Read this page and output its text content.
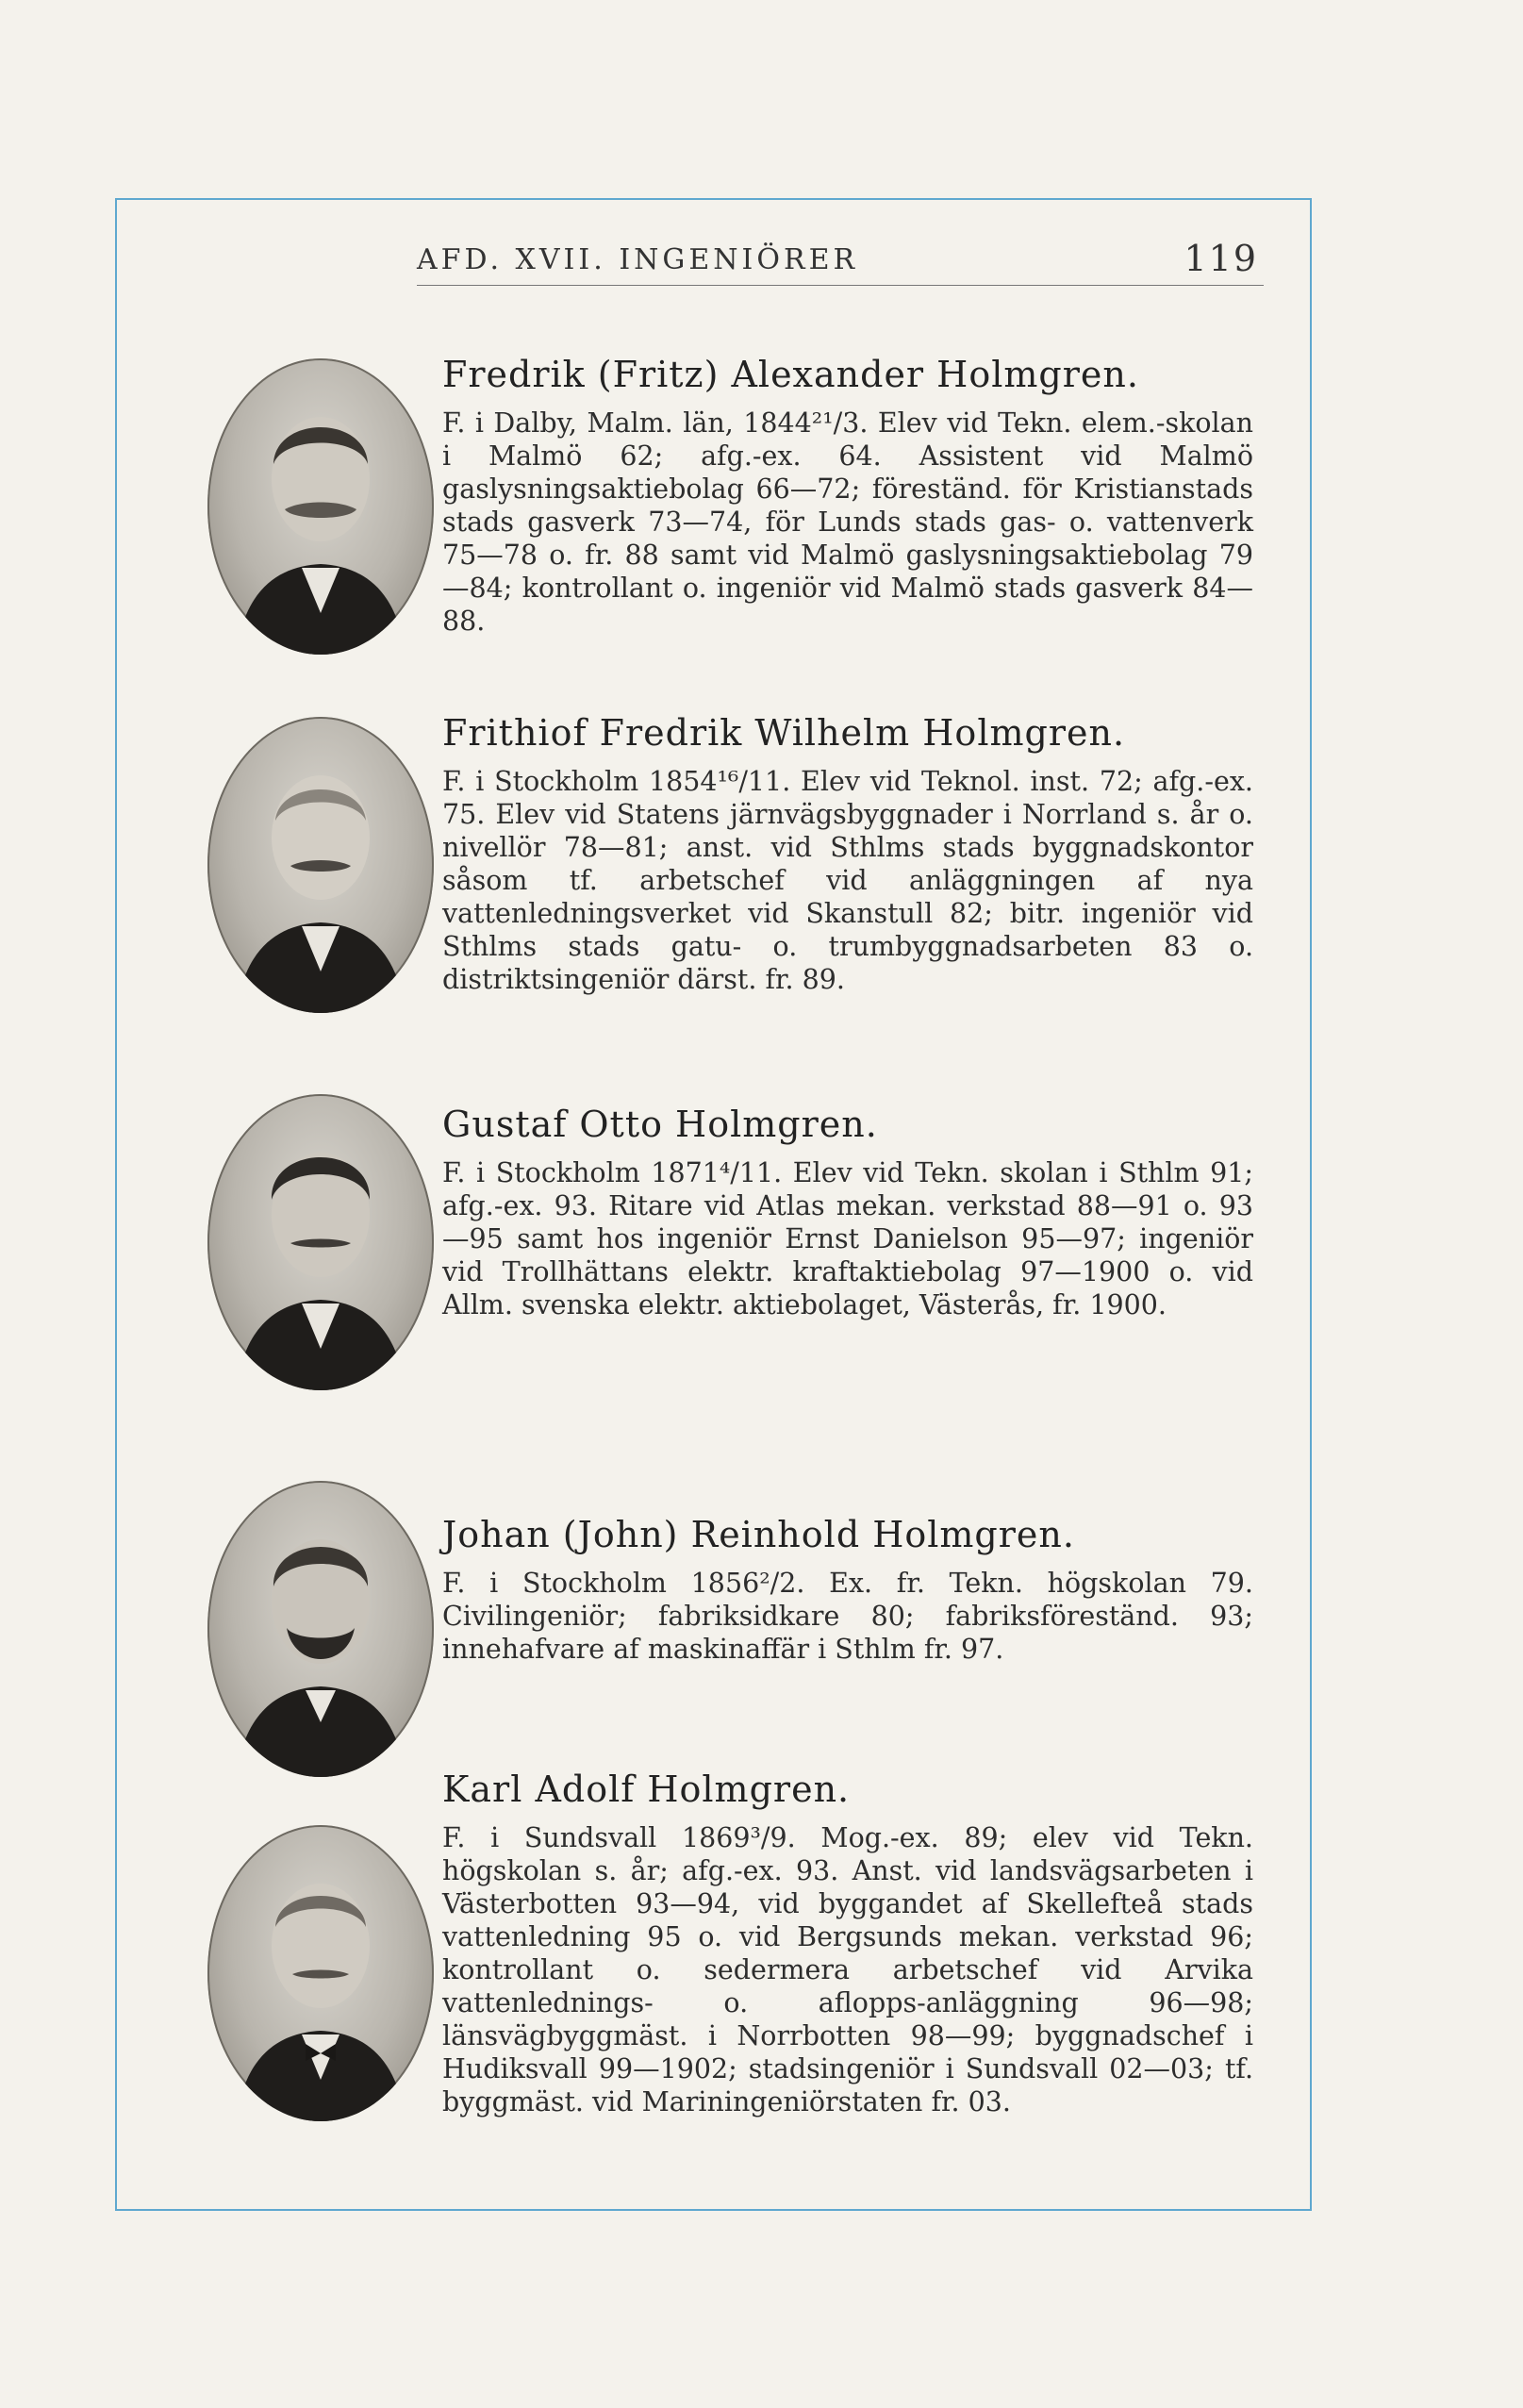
AFD. XVII. INGENIÖRER	119
Fredrik (Fritz) Alexander Holmgren.

F. i Dalby, Malm. län, 1844²¹/3. Elev vid Tekn. elem.-skolan i Malmö 62; afg.-ex. 64. Assistent vid Malmö gaslysningsaktiebolag 66—72; föreständ. för Kristianstads stads gasverk 73—74, för Lunds stads gas- o. vattenverk 75—78 o. fr. 88 samt vid Malmö gaslysningsaktiebolag 79—84; kontrollant o. ingeniör vid Malmö stads gasverk 84—88.

Frithiof Fredrik Wilhelm Holmgren.

F. i Stockholm 1854¹⁶/11. Elev vid Teknol. inst. 72; afg.-ex. 75. Elev vid Statens järnvägsbyggnader i Norrland s. år o. nivellör 78—81; anst. vid Sthlms stads byggnadskontor såsom tf. arbetschef vid anläggningen af nya vattenledningsverket vid Skanstull 82; bitr. ingeniör vid Sthlms stads gatu- o. trumbyggnadsarbeten 83 o. distriktsingeniör därst. fr. 89.

Gustaf Otto Holmgren.

F. i Stockholm 1871⁴/11. Elev vid Tekn. skolan i Sthlm 91; afg.-ex. 93. Ritare vid Atlas mekan. verkstad 88—91 o. 93—95 samt hos ingeniör Ernst Danielson 95—97; ingeniör vid Trollhättans elektr. kraftaktiebolag 97—1900 o. vid Allm. svenska elektr. aktiebolaget, Västerås, fr. 1900.

Johan (John) Reinhold Holmgren.

F. i Stockholm 1856²/2. Ex. fr. Tekn. högskolan 79. Civilingeniör; fabriksidkare 80; fabriksföreständ. 93; innehafvare af maskinaffär i Sthlm fr. 97.

Karl Adolf Holmgren.

F. i Sundsvall 1869³/9. Mog.-ex. 89; elev vid Tekn. högskolan s. år; afg.-ex. 93. Anst. vid landsvägsarbeten i Västerbotten 93—94, vid byggandet af Skellefteå stads vattenledning 95 o. vid Bergsunds mekan. verkstad 96; kontrollant o. sedermera arbetschef vid Arvika vattenlednings- o. aflopps-anläggning 96—98; länsvägbyggmäst. i Norrbotten 98—99; byggnadschef i Hudiksvall 99—1902; stadsingeniör i Sundsvall 02—03; tf. byggmäst. vid Mariningeniörstaten fr. 03.
